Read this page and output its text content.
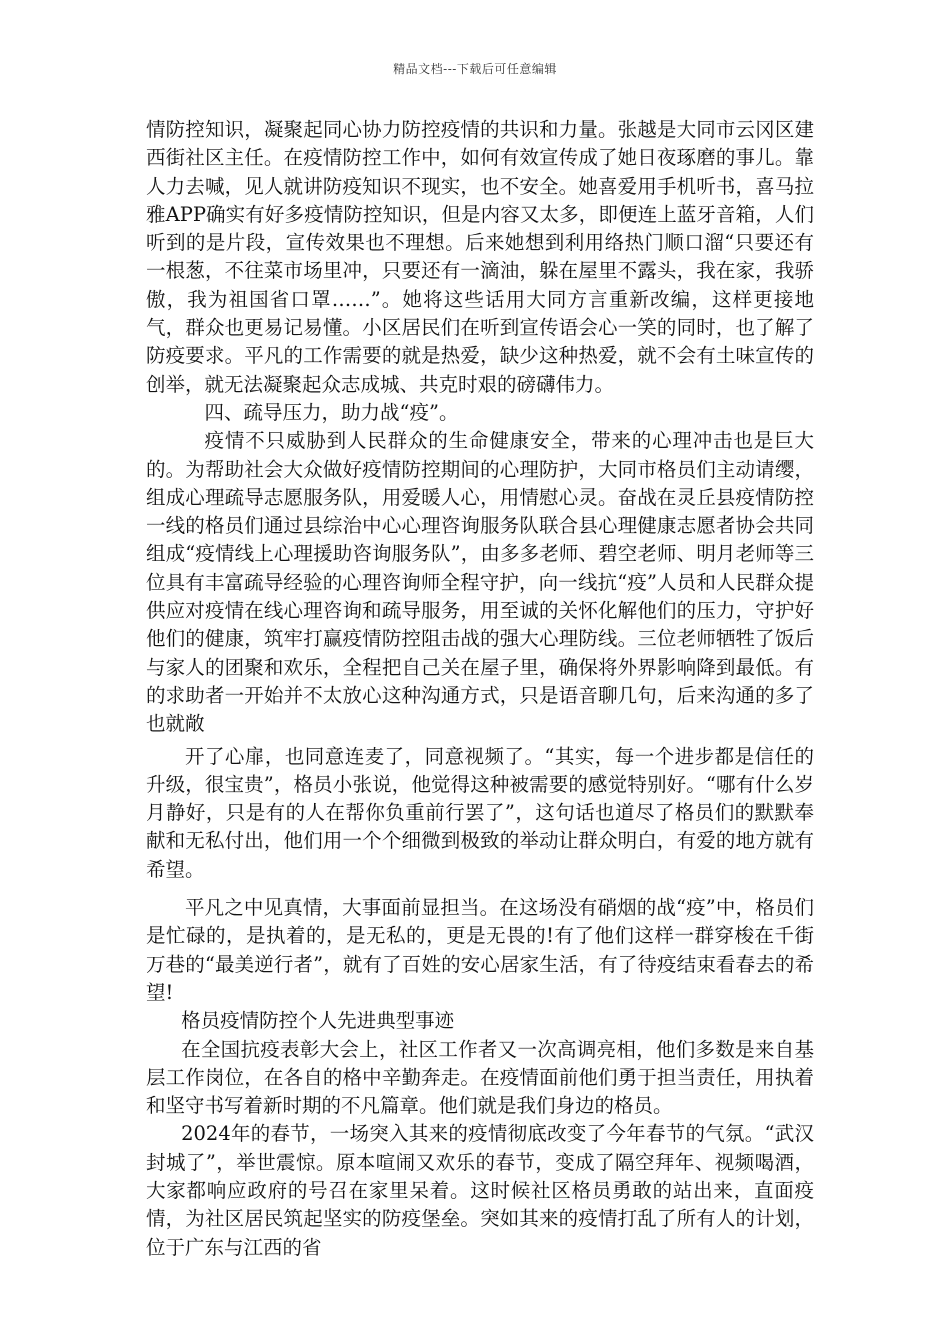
精品文档---下载后可任意编辑

情防控知识，凝聚起同心协力防控疫情的共识和力量。张越是大同市云冈区建西街社区主任。在疫情防控工作中，如何有效宣传成了她日夜琢磨的事儿。靠人力去喊，见人就讲防疫知识不现实，也不安全。她喜爱用手机听书，喜马拉雅APP确实有好多疫情防控知识，但是内容又太多，即便连上蓝牙音箱，人们听到的是片段，宣传效果也不理想。后来她想到利用络热门顺口溜“只要还有一根葱，不往菜市场里冲，只要还有一滴油，躲在屋里不露头，我在家，我骄傲，我为祖国省口罩……”。她将这些话用大同方言重新改编，这样更接地气，群众也更易记易懂。小区居民们在听到宣传语会心一笑的同时，也了解了防疫要求。平凡的工作需要的就是热爱，缺少这种热爱，就不会有土味宣传的创举，就无法凝聚起众志成城、共克时艰的磅礴伟力。

四、疏导压力，助力战“疫”。

疫情不只威胁到人民群众的生命健康安全，带来的心理冲击也是巨大的。为帮助社会大众做好疫情防控期间的心理防护，大同市格员们主动请缨，组成心理疏导志愿服务队，用爱暖人心，用情慰心灵。奋战在灵丘县疫情防控一线的格员们通过县综治中心心理咨询服务队联合县心理健康志愿者协会共同组成“疫情线上心理援助咨询服务队”，由多多老师、碧空老师、明月老师等三位具有丰富疏导经验的心理咨询师全程守护，向一线抗“疫”人员和人民群众提供应对疫情在线心理咨询和疏导服务，用至诚的关怀化解他们的压力，守护好他们的健康，筑牢打赢疫情防控阻击战的强大心理防线。三位老师牺牲了饭后与家人的团聚和欢乐，全程把自己关在屋子里，确保将外界影响降到最低。有的求助者一开始并不太放心这种沟通方式，只是语音聊几句，后来沟通的多了也就敞

开了心扉，也同意连麦了，同意视频了。“其实，每一个进步都是信任的升级，很宝贵”，格员小张说，他觉得这种被需要的感觉特别好。“哪有什么岁月静好，只是有的人在帮你负重前行罢了”，这句话也道尽了格员们的默默奉献和无私付出，他们用一个个细微到极致的举动让群众明白，有爱的地方就有希望。

平凡之中见真情，大事面前显担当。在这场没有硝烟的战“疫”中，格员们是忙碌的，是执着的，是无私的，更是无畏的!有了他们这样一群穿梭在千街万巷的“最美逆行者”，就有了百姓的安心居家生活，有了待疫结束看春去的希望!

格员疫情防控个人先进典型事迹

在全国抗疫表彰大会上，社区工作者又一次高调亮相，他们多数是来自基层工作岗位，在各自的格中辛勤奔走。在疫情面前他们勇于担当责任，用执着和坚守书写着新时期的不凡篇章。他们就是我们身边的格员。

2024年的春节，一场突入其来的疫情彻底改变了今年春节的气氛。“武汉封城了”，举世震惊。原本喧闹又欢乐的春节，变成了隔空拜年、视频喝酒，大家都响应政府的号召在家里呆着。这时候社区格员勇敢的站出来，直面疫情，为社区居民筑起坚实的防疫堡垒。突如其来的疫情打乱了所有人的计划，位于广东与江西的省
